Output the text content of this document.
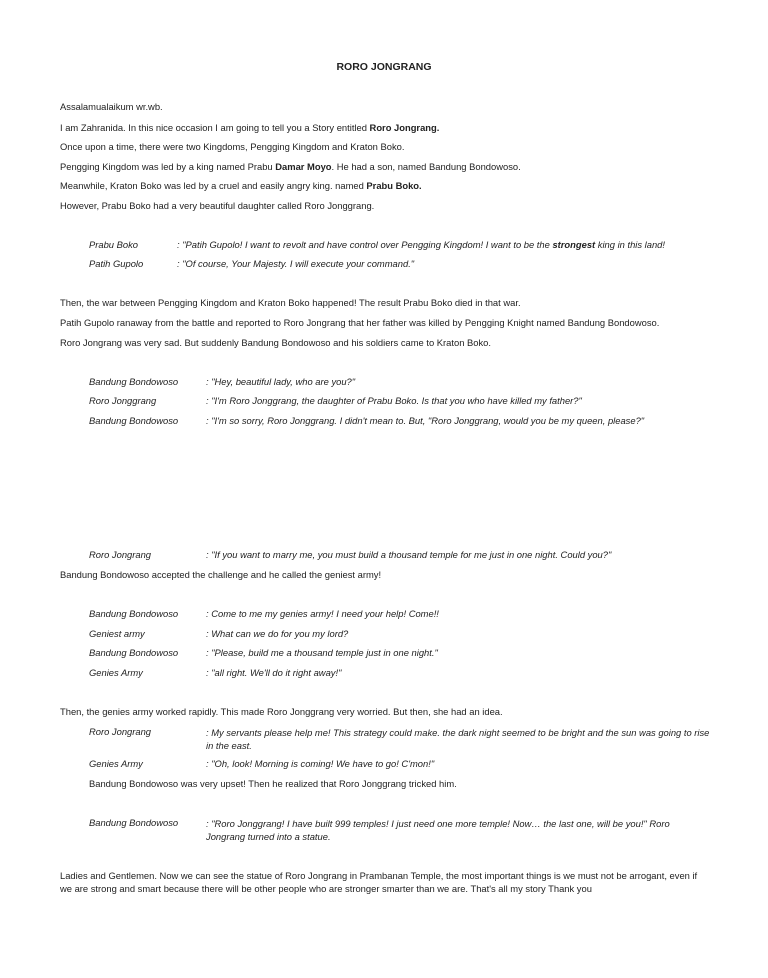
RORO JONGRANG
Assalamualaikum wr.wb.
I am Zahranida. In this nice occasion I am going to tell you a Story entitled Roro Jongrang.
Once upon a time, there were two Kingdoms, Pengging Kingdom and Kraton Boko.
Pengging Kingdom was led by a king named Prabu Damar Moyo. He had a son, named Bandung Bondowoso.
Meanwhile, Kraton Boko was led by a cruel and easily angry king. named Prabu Boko.
However, Prabu Boko had a very beautiful daughter called Roro Jonggrang.
Prabu Boko	: "Patih Gupolo! I want to revolt and have control over Pengging Kingdom! I want to be the strongest king in this land!
Patih Gupolo	: "Of course, Your Majesty. I will execute your command."
Then, the war between Pengging Kingdom and Kraton Boko happened! The result Prabu Boko died in that war.
Patih Gupolo ranaway from the battle and reported to Roro Jongrang that her father was killed by Pengging Knight named Bandung Bondowoso.
Roro Jongrang was very sad. But suddenly Bandung Bondowoso and his soldiers came to Kraton Boko.
Bandung Bondowoso	: "Hey, beautiful lady, who are you?"
Roro Jonggrang	: "I'm Roro Jonggrang, the daughter of Prabu Boko. Is that you who have killed my father?"
Bandung Bondowoso	: "I'm so sorry, Roro Jonggrang. I didn't mean to. But, "Roro Jonggrang, would you be my queen, please?"
Roro Jongrang	: "If you want to marry me, you must build a thousand temple for me just in one night. Could you?"
Bandung Bondowoso accepted the challenge and he called the geniest army!
Bandung Bondowoso	: Come to me my genies army! I need your help! Come!!
Geniest army	: What can we do for you my lord?
Bandung Bondowoso	: "Please, build me a thousand temple just in one night."
Genies Army	: "all right. We'll do it right away!"
Then, the genies army worked rapidly. This made Roro Jonggrang very worried. But then, she had an idea.
Roro Jongrang	: My servants please help me! This strategy could make. the dark night seemed to be bright and the sun was going to rise in the east.
Genies Army	: "Oh, look! Morning is coming! We have to go! C'mon!"
Bandung Bondowoso was very upset! Then he realized that Roro Jonggrang tricked him.
Bandung Bondowoso	: "Roro Jonggrang! I have built 999 temples! I just need one more temple! Now… the last one, will be you!" Roro Jongrang turned into a statue.
Ladies and Gentlemen. Now we can see the statue of Roro Jongrang in Prambanan Temple, the most important things is we must not be arrogant, even if we are strong and smart because there will be other people who are stronger smarter than we are. That's all my story Thank you
